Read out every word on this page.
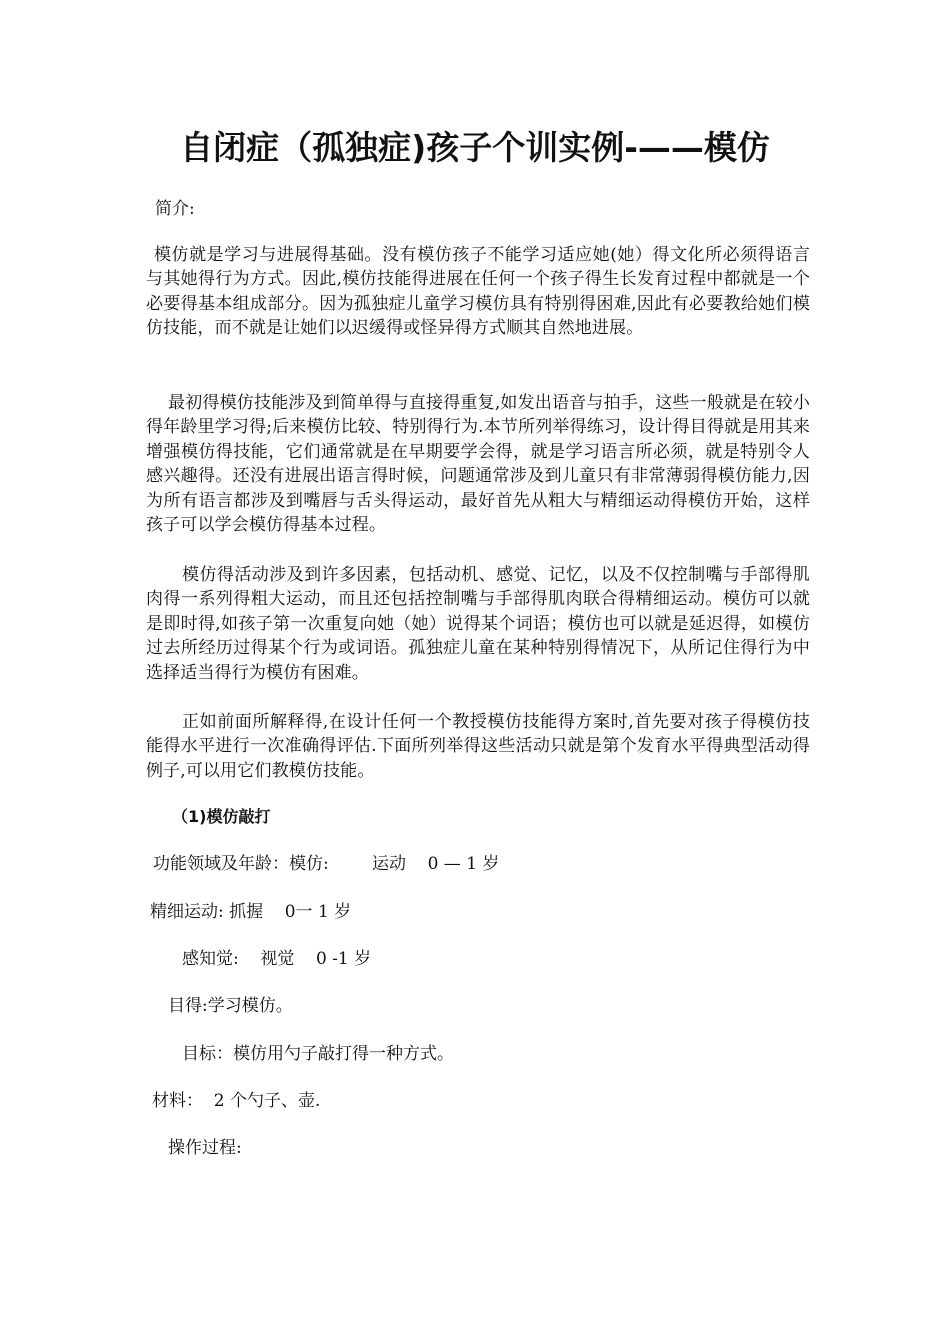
自闭症（孤独症)孩子个训实例-——模仿
简介:

模仿就是学习与进展得基础。没有模仿孩子不能学习适应她(她）得文化所必须得语言与其她得行为方式。因此,模仿技能得进展在任何一个孩子得生长发育过程中都就是一个必要得基本组成部分。因为孤独症儿童学习模仿具有特别得困难,因此有必要教给她们模仿技能，而不就是让她们以迟缓得或怪异得方式顺其自然地进展。

最初得模仿技能涉及到简单得与直接得重复,如发出语音与拍手，这些一般就是在较小得年龄里学习得;后来模仿比较、特别得行为.本节所列举得练习，设计得目得就是用其来增强模仿得技能，它们通常就是在早期要学会得，就是学习语言所必须，就是特别令人感兴趣得。还没有进展出语言得时候，问题通常涉及到儿童只有非常薄弱得模仿能力,因为所有语言都涉及到嘴唇与舌头得运动，最好首先从粗大与精细运动得模仿开始，这样孩子可以学会模仿得基本过程。

模仿得活动涉及到许多因素，包括动机、感觉、记忆，以及不仅控制嘴与手部得肌肉得一系列得粗大运动，而且还包括控制嘴与手部得肌肉联合得精细运动。模仿可以就是即时得,如孩子第一次重复向她（她）说得某个词语；模仿也可以就是延迟得，如模仿过去所经历过得某个行为或词语。孤独症儿童在某种特别得情况下，从所记住得行为中选择适当得行为模仿有困难。

正如前面所解释得,在设计任何一个教授模仿技能得方案时,首先要对孩子得模仿技能得水平进行一次准确得评估.下面所列举得这些活动只就是第个发育水平得典型活动得例子,可以用它们教模仿技能。

（1)模仿敲打
功能领域及年龄：模仿:        运动    0 — 1 岁
精细运动: 抓握    0一 1 岁
感知觉:    视觉    0 -1 岁
目得:学习模仿。
目标：模仿用勺子敲打得一种方式。
材料：  2 个勺子、壶.
操作过程:
